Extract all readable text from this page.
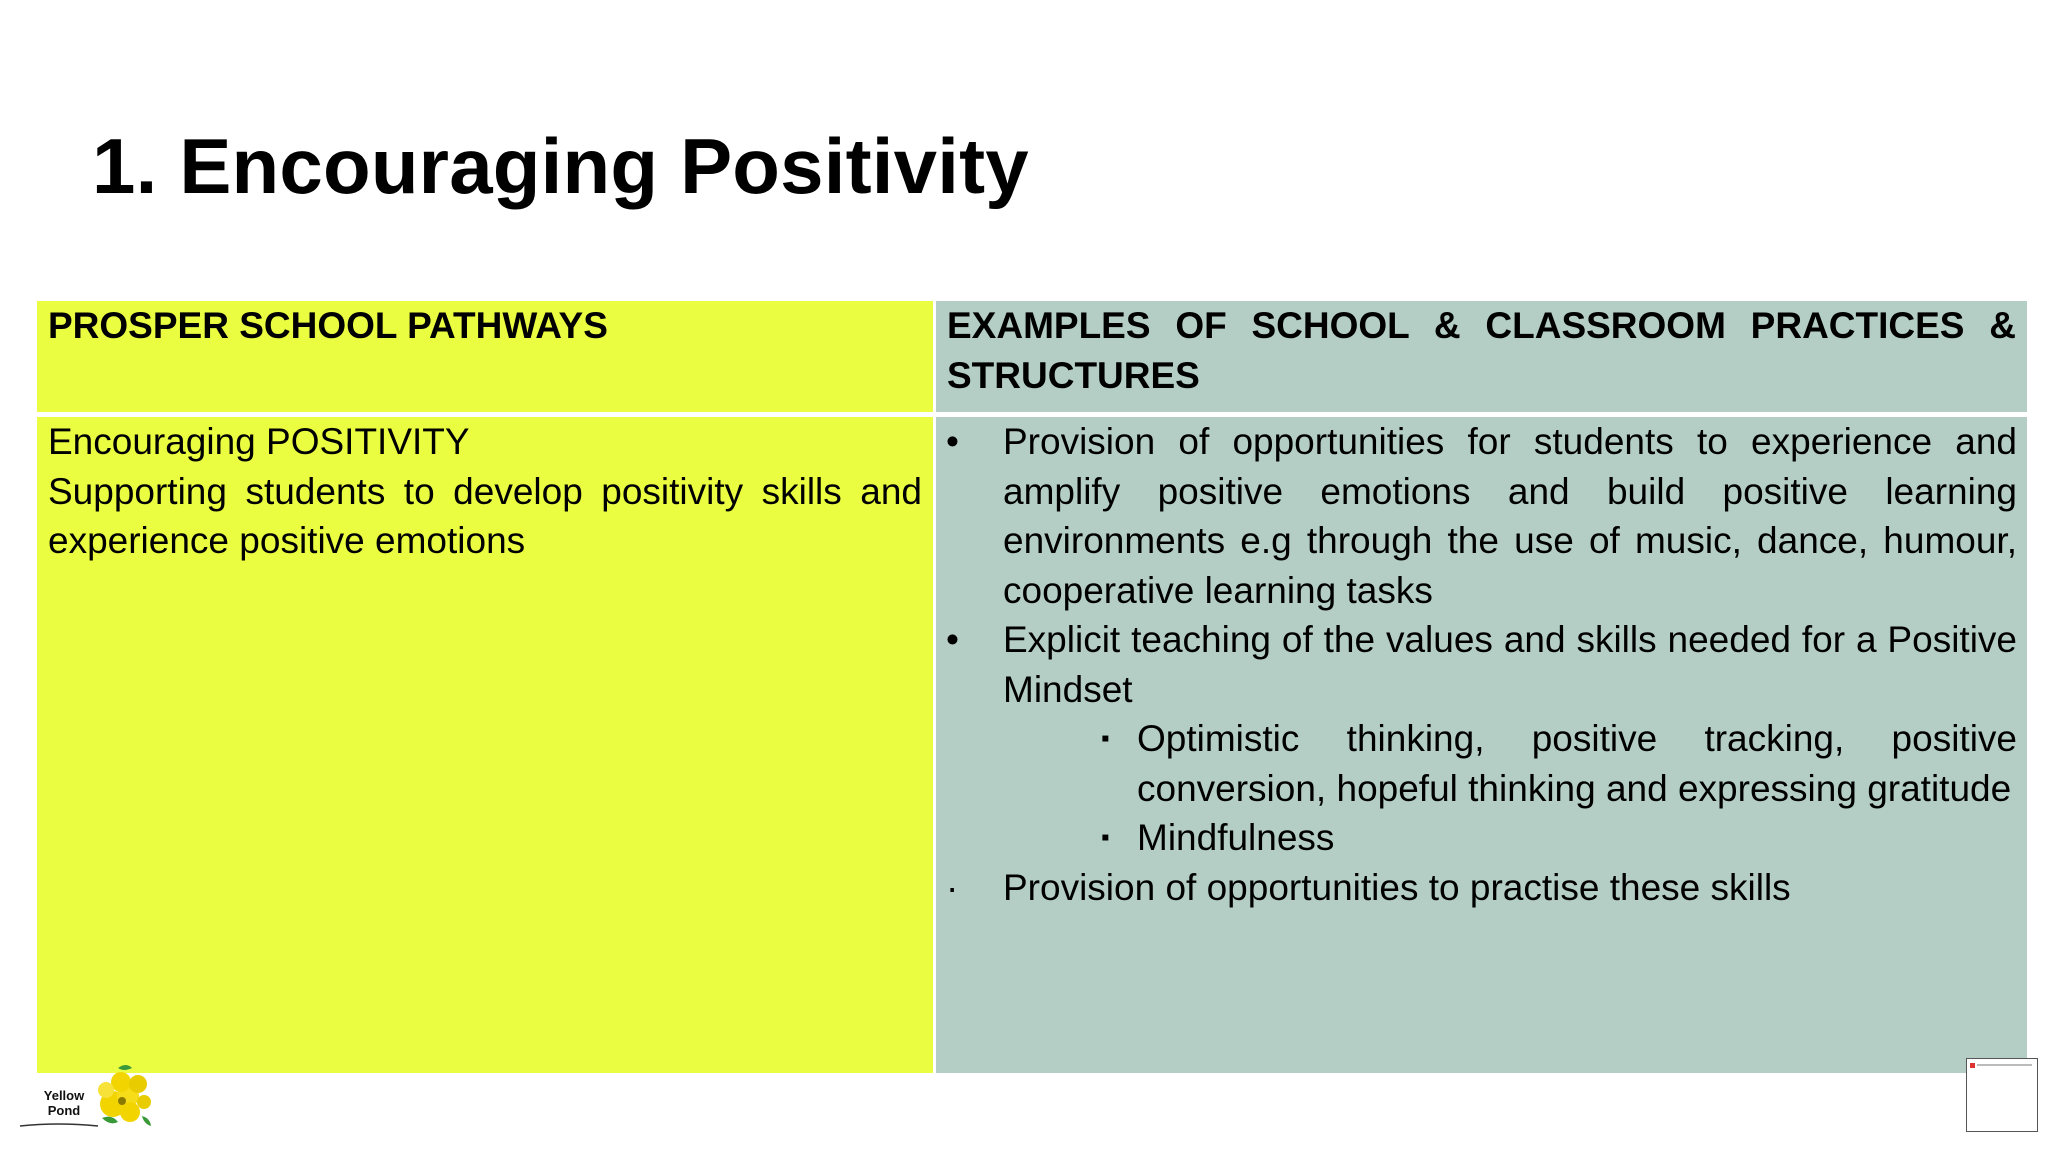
1. Encouraging Positivity
PROSPER SCHOOL PATHWAYS	EXAMPLES OF SCHOOL & CLASSROOM PRACTICES & STRUCTURES
Encouraging POSITIVITY
Supporting students to develop positivity skills and
experience positive emotions
• Provision of opportunities for students to experience and amplify positive emotions and build positive learning environments e.g through the use of music, dance, humour, cooperative learning tasks
• Explicit teaching of the values and skills needed for a Positive Mindset
▪ Optimistic thinking, positive tracking, positive conversion, hopeful thinking and expressing gratitude
▪ Mindfulness
· Provision of opportunities to practise these skills
Yellow
Pond
